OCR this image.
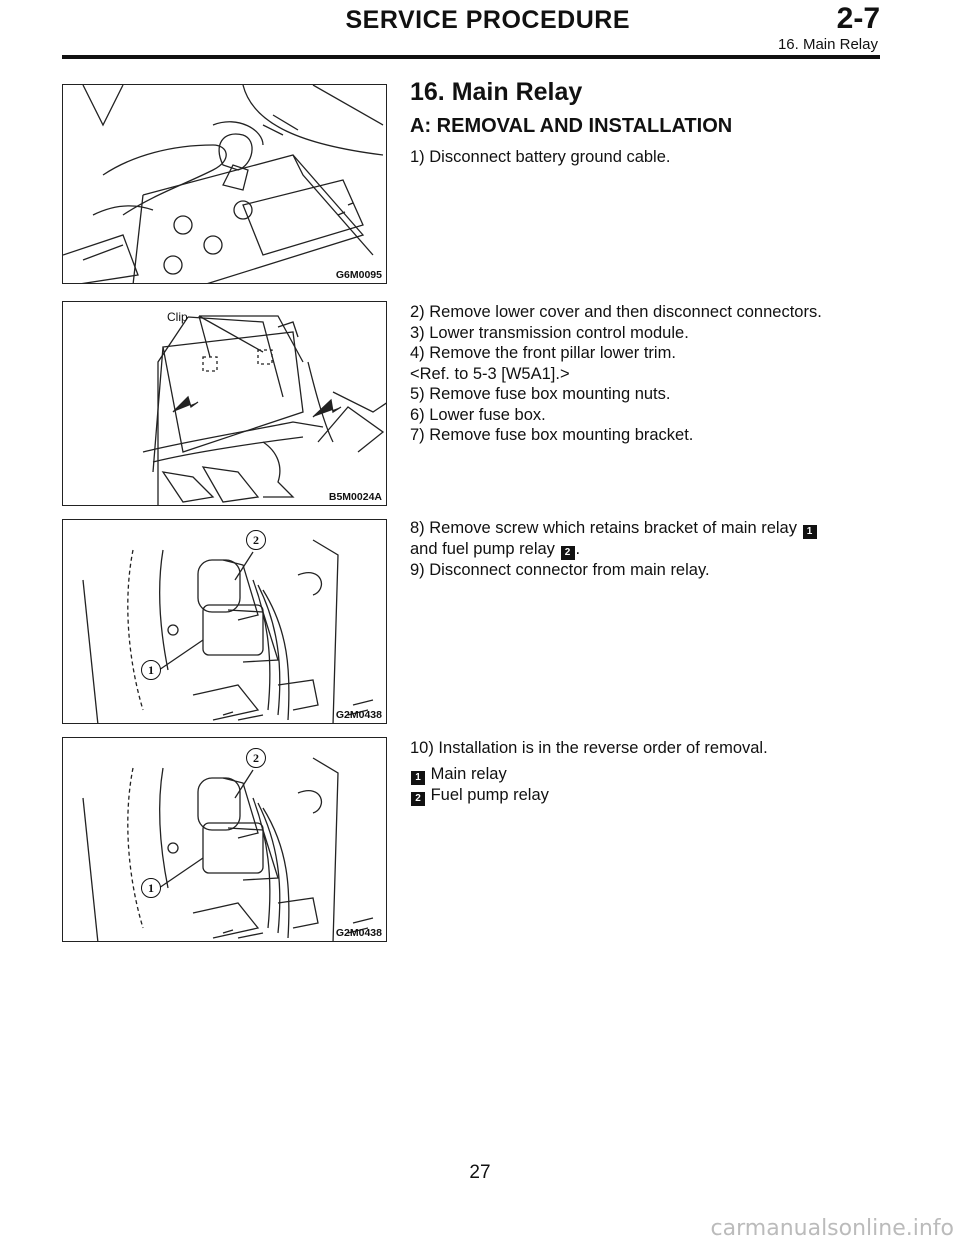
SERVICE PROCEDURE	2-7
16. Main Relay
G6M0095
Clip
B5M0024A
2
1
G2M0438
2
1
G2M0438
16. Main Relay
A: REMOVAL AND INSTALLATION
1) Disconnect battery ground cable.
2) Remove lower cover and then disconnect connectors.
3) Lower transmission control module.
4) Remove the front pillar lower trim.
<Ref. to 5-3 [W5A1].>
5) Remove fuse box mounting nuts.
6) Lower fuse box.
7) Remove fuse box mounting bracket.
8) Remove screw which retains bracket of main relay 1
and fuel pump relay 2 .
9) Disconnect connector from main relay.
10) Installation is in the reverse order of removal.
1 Main relay
2 Fuel pump relay
27
carmanualsonline.info
